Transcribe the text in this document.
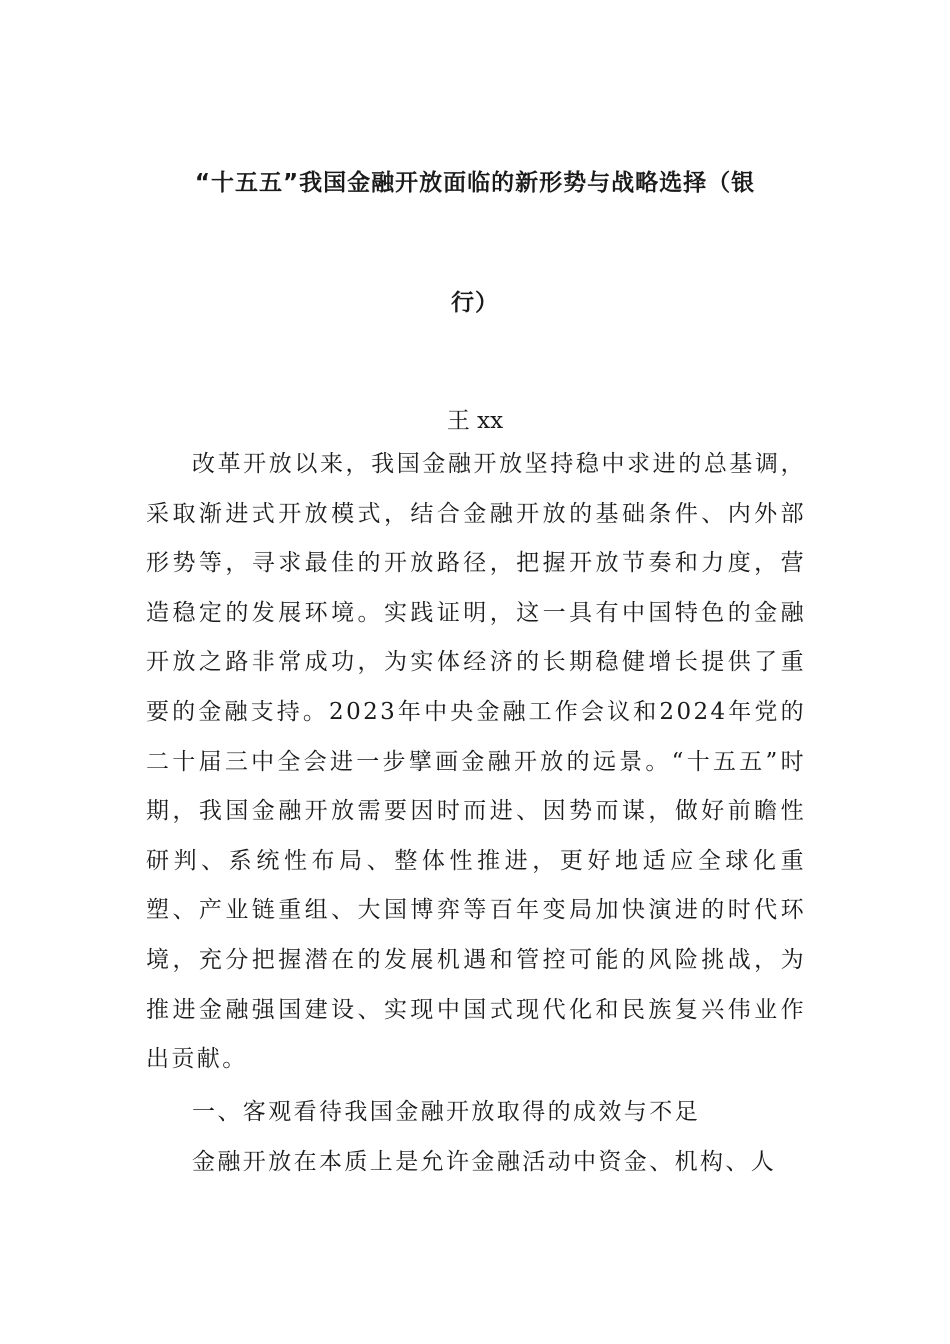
“十五五”我国金融开放面临的新形势与战略选择（银
行）
王 xx

改革开放以来，我国金融开放坚持稳中求进的总基调，采取渐进式开放模式，结合金融开放的基础条件、内外部形势等，寻求最佳的开放路径，把握开放节奏和力度，营造稳定的发展环境。实践证明，这一具有中国特色的金融开放之路非常成功，为实体经济的长期稳健增长提供了重要的金融支持。2023年中央金融工作会议和2024年党的二十届三中全会进一步擘画金融开放的远景。“十五五”时期，我国金融开放需要因时而进、因势而谋，做好前瞻性研判、系统性布局、整体性推进，更好地适应全球化重塑、产业链重组、大国博弈等百年变局加快演进的时代环境，充分把握潜在的发展机遇和管控可能的风险挑战，为推进金融强国建设、实现中国式现代化和民族复兴伟业作出贡献。

一、客观看待我国金融开放取得的成效与不足

金融开放在本质上是允许金融活动中资金、机构、人
